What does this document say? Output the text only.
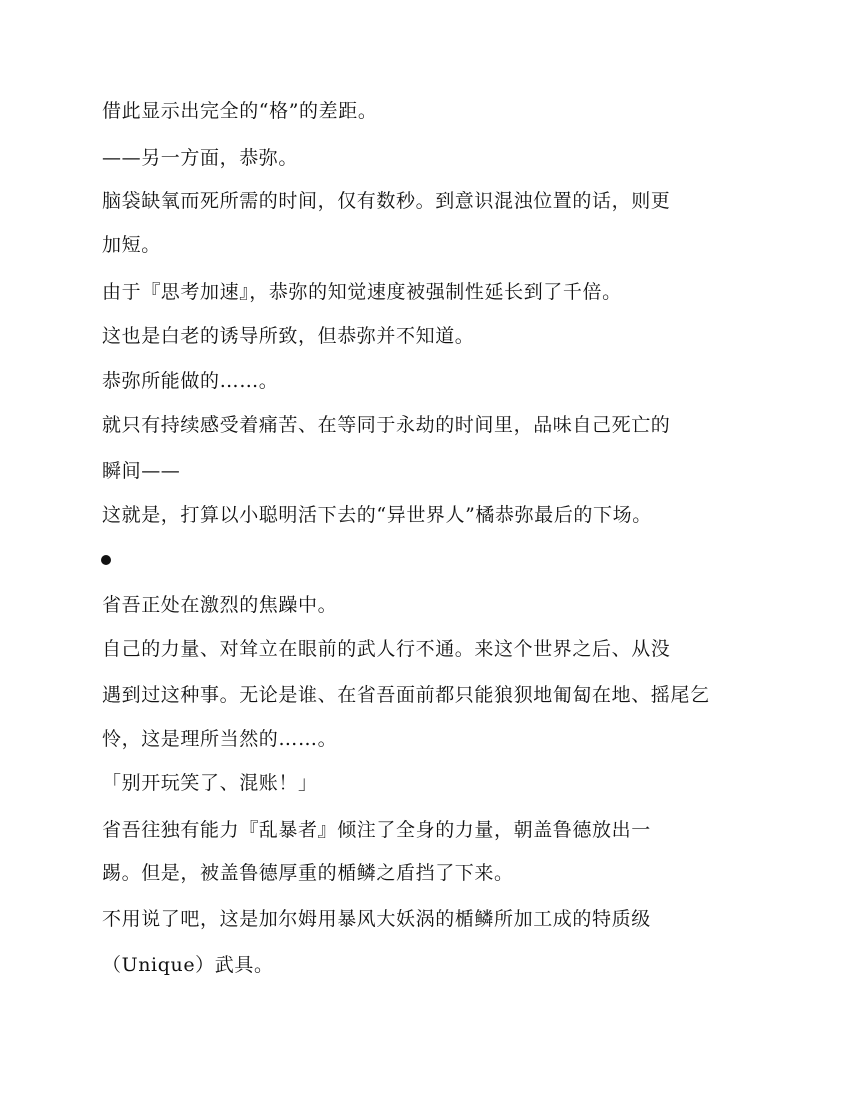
借此显示出完全的“格”的差距。
——另一方面，恭弥。
脑袋缺氧而死所需的时间，仅有数秒。到意识混浊位置的话，则更
加短。
由于『思考加速』，恭弥的知觉速度被强制性延长到了千倍。
这也是白老的诱导所致，但恭弥并不知道。
恭弥所能做的……。
就只有持续感受着痛苦、在等同于永劫的时间里，品味自己死亡的
瞬间——
这就是，打算以小聪明活下去的“异世界人”橘恭弥最后的下场。
省吾正处在激烈的焦躁中。
自己的力量、对耸立在眼前的武人行不通。来这个世界之后、从没
遇到过这种事。无论是谁、在省吾面前都只能狼狈地匍匐在地、摇尾乞
怜，这是理所当然的……。
「别开玩笑了、混账！」
省吾往独有能力『乱暴者』倾注了全身的力量，朝盖鲁德放出一
踢。但是，被盖鲁德厚重的楯鳞之盾挡了下来。
不用说了吧，这是加尔姆用暴风大妖涡的楯鳞所加工成的特质级
（Unique）武具。
